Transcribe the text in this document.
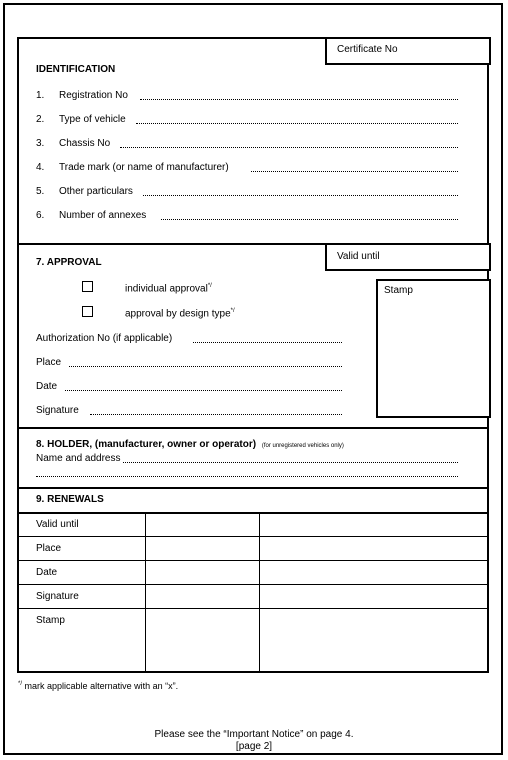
Certificate No
IDENTIFICATION
1. Registration No
2. Type of vehicle
3. Chassis No
4. Trade mark (or name of manufacturer)
5. Other particulars
6. Number of annexes
Valid until
7. APPROVAL
individual approval*/
approval by design type*/
Stamp
Authorization No (if applicable)
Place
Date
Signature
8. HOLDER, (manufacturer, owner or operator) (for unregistered vehicles only)
Name and address
9. RENEWALS
Valid until
Place
Date
Signature
Stamp
*/ mark applicable alternative with an “x”.
Please see the “Important Notice” on page 4.
[page 2]
